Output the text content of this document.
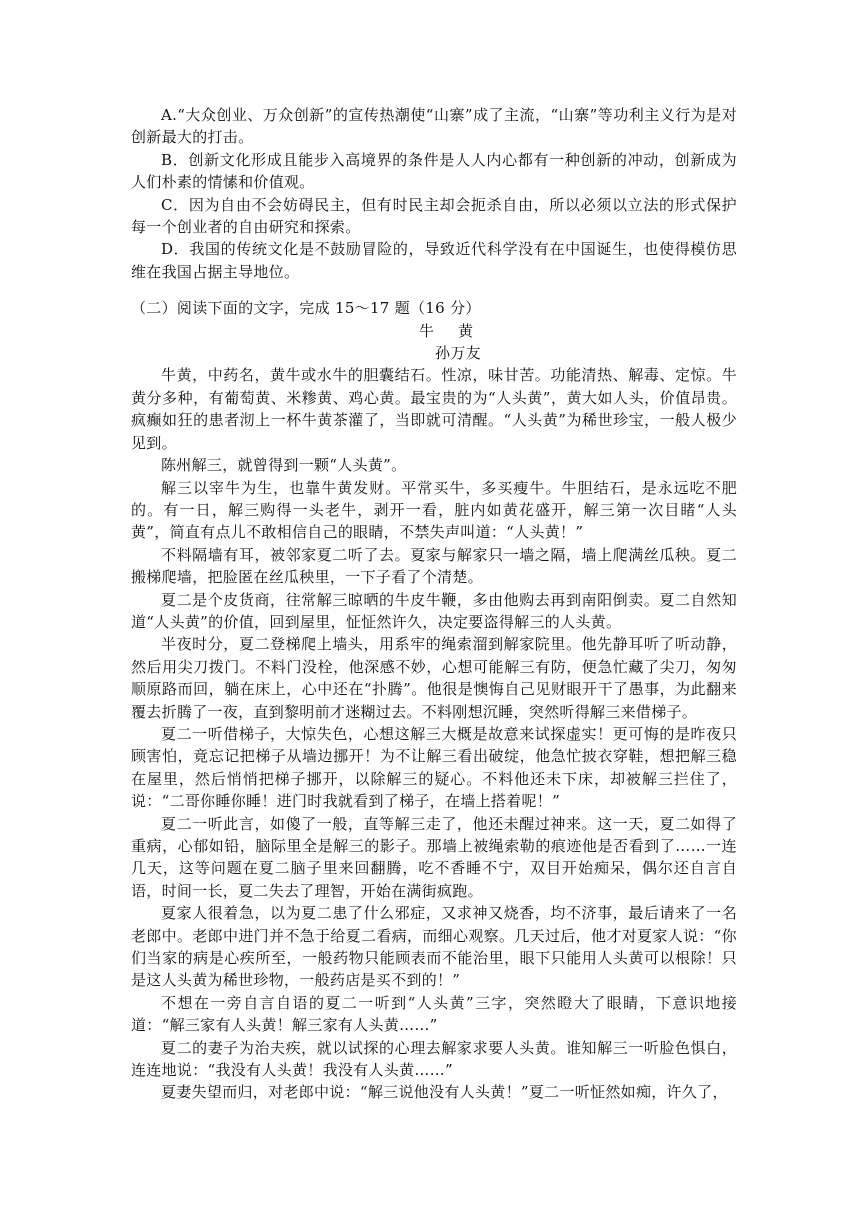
A.“大众创业、万众创新”的宣传热潮使“山寨”成了主流，“山寨”等功利主义行为是对创新最大的打击。

B．创新文化形成且能步入高境界的条件是人人内心都有一种创新的冲动，创新成为人们朴素的情愫和价值观。

C．因为自由不会妨碍民主，但有时民主却会扼杀自由，所以必须以立法的形式保护每一个创业者的自由研究和探索。

D．我国的传统文化是不鼓励冒险的，导致近代科学没有在中国诞生，也使得模仿思维在我国占据主导地位。

（二）阅读下面的文字，完成 15～17 题（16 分）

牛黄

孙万友

牛黄，中药名，黄牛或水牛的胆囊结石。性凉，味甘苦。功能清热、解毒、定惊。牛黄分多种，有葡萄黄、米糁黄、鸡心黄。最宝贵的为“人头黄”，黄大如人头，价值昂贵。疯癫如狂的患者沏上一杯牛黄茶灌了，当即就可清醒。“人头黄”为稀世珍宝，一般人极少见到。

陈州解三，就曾得到一颗“人头黄”。

解三以宰牛为生，也靠牛黄发财。平常买牛，多买瘦牛。牛胆结石，是永远吃不肥的。有一日，解三购得一头老牛，剥开一看，脏内如黄花盛开，解三第一次目睹“人头黄”，简直有点儿不敢相信自己的眼睛，不禁失声叫道：“人头黄！”

不料隔墙有耳，被邻家夏二听了去。夏家与解家只一墙之隔，墙上爬满丝瓜秧。夏二搬梯爬墙，把脸匿在丝瓜秧里，一下子看了个清楚。

夏二是个皮货商，往常解三晾晒的牛皮牛鞭，多由他购去再到南阳倒卖。夏二自然知道“人头黄”的价值，回到屋里，怔怔然许久，决定要盗得解三的人头黄。

半夜时分，夏二登梯爬上墙头，用系牢的绳索溜到解家院里。他先静耳听了听动静，然后用尖刀拨门。不料门没栓，他深感不妙，心想可能解三有防，便急忙藏了尖刀，匆匆顺原路而回，躺在床上，心中还在“扑腾”。他很是懊悔自己见财眼开干了愚事，为此翻来覆去折腾了一夜，直到黎明前才迷糊过去。不料刚想沉睡，突然听得解三来借梯子。

夏二一听借梯子，大惊失色，心想这解三大概是故意来试探虚实！更可悔的是昨夜只顾害怕，竟忘记把梯子从墙边挪开！为不让解三看出破绽，他急忙披衣穿鞋，想把解三稳在屋里，然后悄悄把梯子挪开，以除解三的疑心。不料他还未下床，却被解三拦住了，说：“二哥你睡你睡！进门时我就看到了梯子，在墙上搭着呢！”

夏二一听此言，如傻了一般，直等解三走了，他还未醒过神来。这一天，夏二如得了重病，心郁如铅，脑际里全是解三的影子。那墙上被绳索勒的痕迹他是否看到了……一连几天，这等问题在夏二脑子里来回翻腾，吃不香睡不宁，双目开始痴呆，偶尔还自言自语，时间一长，夏二失去了理智，开始在满街疯跑。

夏家人很着急，以为夏二患了什么邪症，又求神又烧香，均不济事，最后请来了一名老郎中。老郎中进门并不急于给夏二看病，而细心观察。几天过后，他才对夏家人说：“你们当家的病是心疾所至，一般药物只能顾表而不能治里，眼下只能用人头黄可以根除！只是这人头黄为稀世珍物，一般药店是买不到的！”

不想在一旁自言自语的夏二一听到“人头黄”三字，突然瞪大了眼睛，下意识地接道：“解三家有人头黄！解三家有人头黄……”

夏二的妻子为治夫疾，就以试探的心理去解家求要人头黄。谁知解三一听脸色惧白，连连地说：“我没有人头黄！我没有人头黄……”

夏妻失望而归，对老郎中说：“解三说他没有人头黄！”夏二一听怔然如痴，许久了，
